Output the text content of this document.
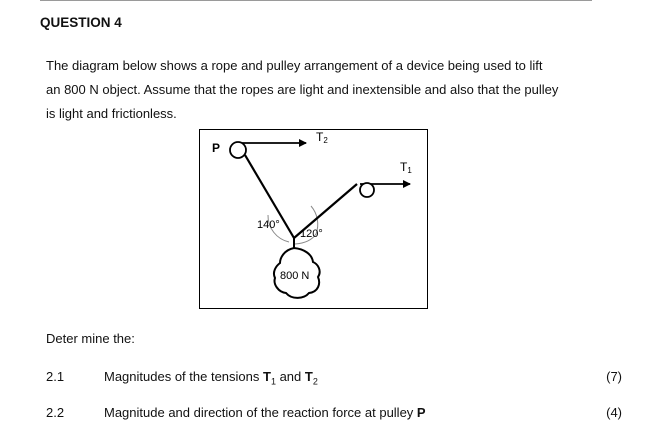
QUESTION 4
The diagram below shows a rope and pulley arrangement of a device being used to lift
an 800 N object. Assume that the ropes are light and inextensible and also that the pulley
is light and frictionless.
P
T2
T1
140°
120°
800 N
Deter mine the:
2.1	Magnitudes of the tensions $T_1$ and $T_2$	(7)
2.2	Magnitude and direction of the reaction force at pulley P	(4)
